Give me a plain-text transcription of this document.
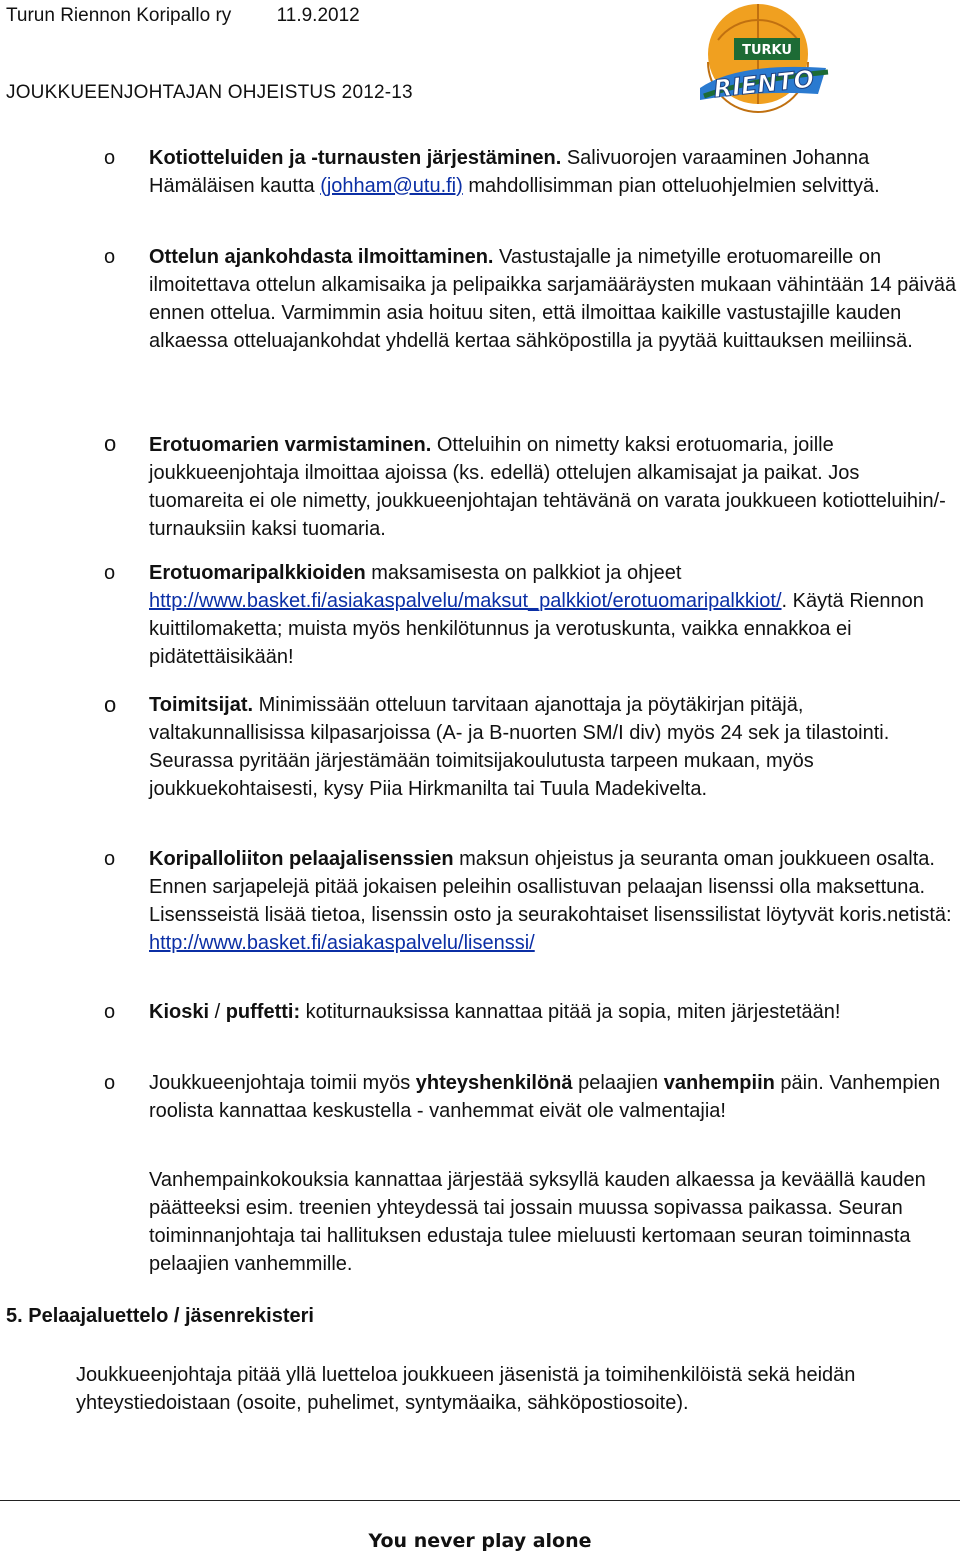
Turun Riennon Koripallo ry 11.9.2012
JOUKKUEENJOHTAJAN OHJEISTUS 2012-13
TURKU
RIENTO
o Kotiotteluiden ja -turnausten järjestäminen. Salivuorojen varaaminen Johanna Hämäläisen kautta (johham@utu.fi) mahdollisimman pian otteluohjelmien selvittyä.
o Ottelun ajankohdasta ilmoittaminen. Vastustajalle ja nimetyille erotuomareille on ilmoitettava ottelun alkamisaika ja pelipaikka sarjamääräysten mukaan vähintään 14 päivää ennen ottelua. Varmimmin asia hoituu siten, että ilmoittaa kaikille vastustajille kauden alkaessa otteluajankohdat yhdellä kertaa sähköpostilla ja pyytää kuittauksen meiliinsä.
o Erotuomarien varmistaminen. Otteluihin on nimetty kaksi erotuomaria, joille joukkueenjohtaja ilmoittaa ajoissa (ks. edellä) ottelujen alkamisajat ja paikat. Jos tuomareita ei ole nimetty, joukkueenjohtajan tehtävänä on varata joukkueen kotiotteluihin/-turnauksiin kaksi tuomaria.
o Erotuomaripalkkioiden maksamisesta on palkkiot ja ohjeet http://www.basket.fi/asiakaspalvelu/maksut_palkkiot/erotuomaripalkkiot/. Käytä Riennon kuittilomaketta; muista myös henkilötunnus ja verotuskunta, vaikka ennakkoa ei pidätettäisikään!
o Toimitsijat. Minimissään otteluun tarvitaan ajanottaja ja pöytäkirjan pitäjä, valtakunnallisissa kilpasarjoissa (A- ja B-nuorten SM/I div) myös 24 sek ja tilastointi. Seurassa pyritään järjestämään toimitsijakoulutusta tarpeen mukaan, myös joukkuekohtaisesti, kysy Piia Hirkmanilta tai Tuula Madekivelta.
o Koripalloliiton pelaajalisenssien maksun ohjeistus ja seuranta oman joukkueen osalta. Ennen sarjapelejä pitää jokaisen peleihin osallistuvan pelaajan lisenssi olla maksettuna. Lisensseistä lisää tietoa, lisenssin osto ja seurakohtaiset lisenssilistat löytyvät koris.netistä: http://www.basket.fi/asiakaspalvelu/lisenssi/
o Kioski / puffetti: kotiturnauksissa kannattaa pitää ja sopia, miten järjestetään!
o Joukkueenjohtaja toimii myös yhteyshenkilönä pelaajien vanhempiin päin. Vanhempien roolista kannattaa keskustella - vanhemmat eivät ole valmentajia!
Vanhempainkokouksia kannattaa järjestää syksyllä kauden alkaessa ja keväällä kauden päätteeksi esim. treenien yhteydessä tai jossain muussa sopivassa paikassa. Seuran toiminnanjohtaja tai hallituksen edustaja tulee mieluusti kertomaan seuran toiminnasta pelaajien vanhemmille.
5. Pelaajaluettelo / jäsenrekisteri
Joukkueenjohtaja pitää yllä luetteloa joukkueen jäsenistä ja toimihenkilöistä sekä heidän yhteystiedoistaan (osoite, puhelimet, syntymäaika, sähköpostiosoite).
You never play alone
